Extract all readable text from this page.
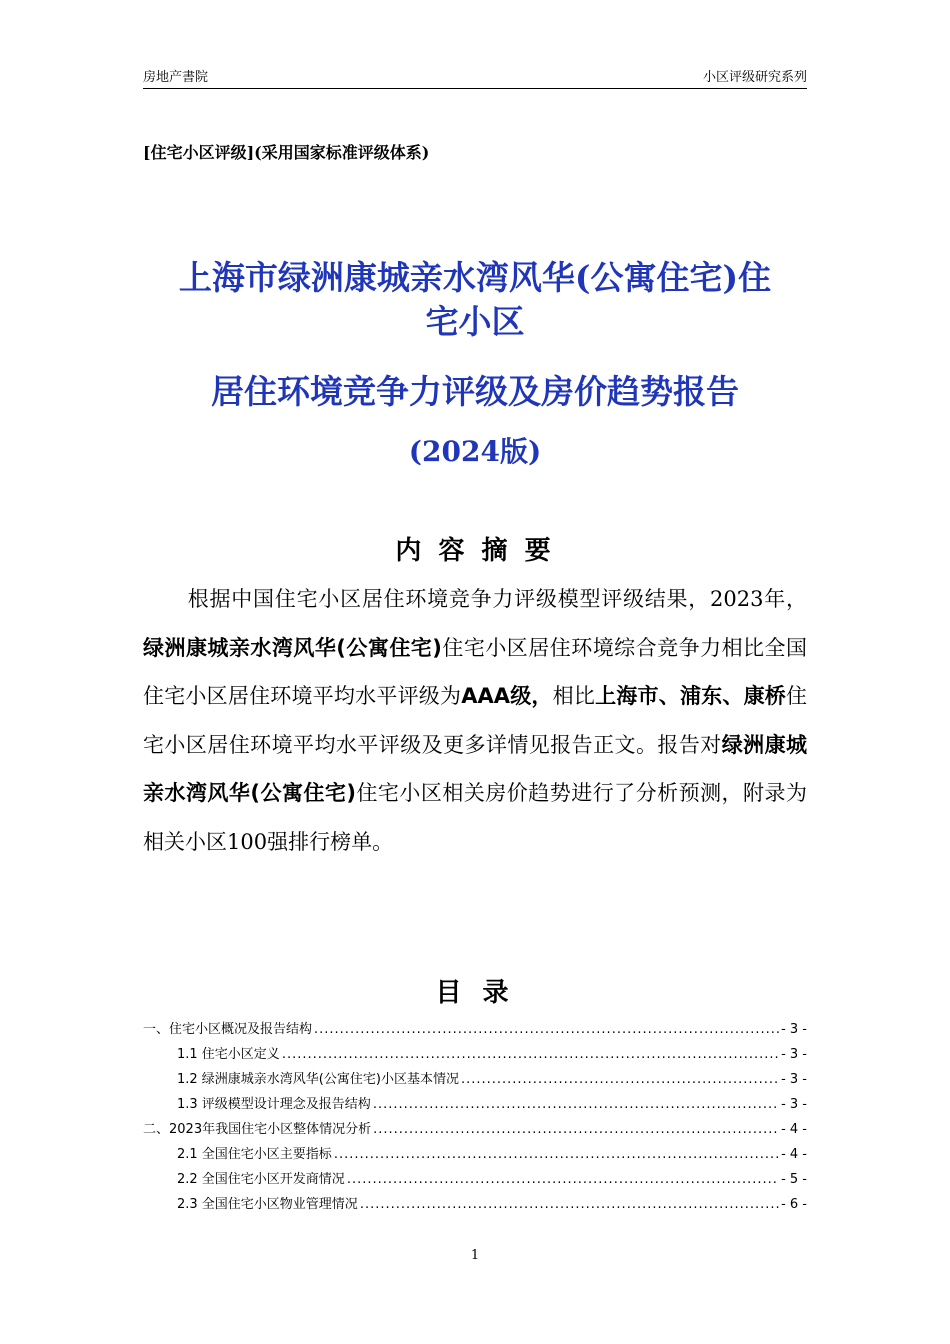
房地产書院	小区评级研究系列
[住宅小区评级](采用国家标准评级体系)
上海市绿洲康城亲水湾风华(公寓住宅)住
宅小区
居住环境竞争力评级及房价趋势报告
(2024版)
内 容 摘 要
根据中国住宅小区居住环境竞争力评级模型评级结果，2023年，绿洲康城亲水湾风华(公寓住宅)住宅小区居住环境综合竞争力相比全国住宅小区居住环境平均水平评级为AAA级，相比上海市、浦东、康桥住宅小区居住环境平均水平评级及更多详情见报告正文。报告对绿洲康城亲水湾风华(公寓住宅)住宅小区相关房价趋势进行了分析预测，附录为相关小区100强排行榜单。
目 录
一、住宅小区概况及报告结构 .....	- 3 -
1.1 住宅小区定义 .....	- 3 -
1.2 绿洲康城亲水湾风华(公寓住宅)小区基本情况 .....	- 3 -
1.3 评级模型设计理念及报告结构 .....	- 3 -
二、2023年我国住宅小区整体情况分析 .....	- 4 -
2.1 全国住宅小区主要指标 .....	- 4 -
2.2 全国住宅小区开发商情况 .....	- 5 -
2.3 全国住宅小区物业管理情况 .....	- 6 -
1
